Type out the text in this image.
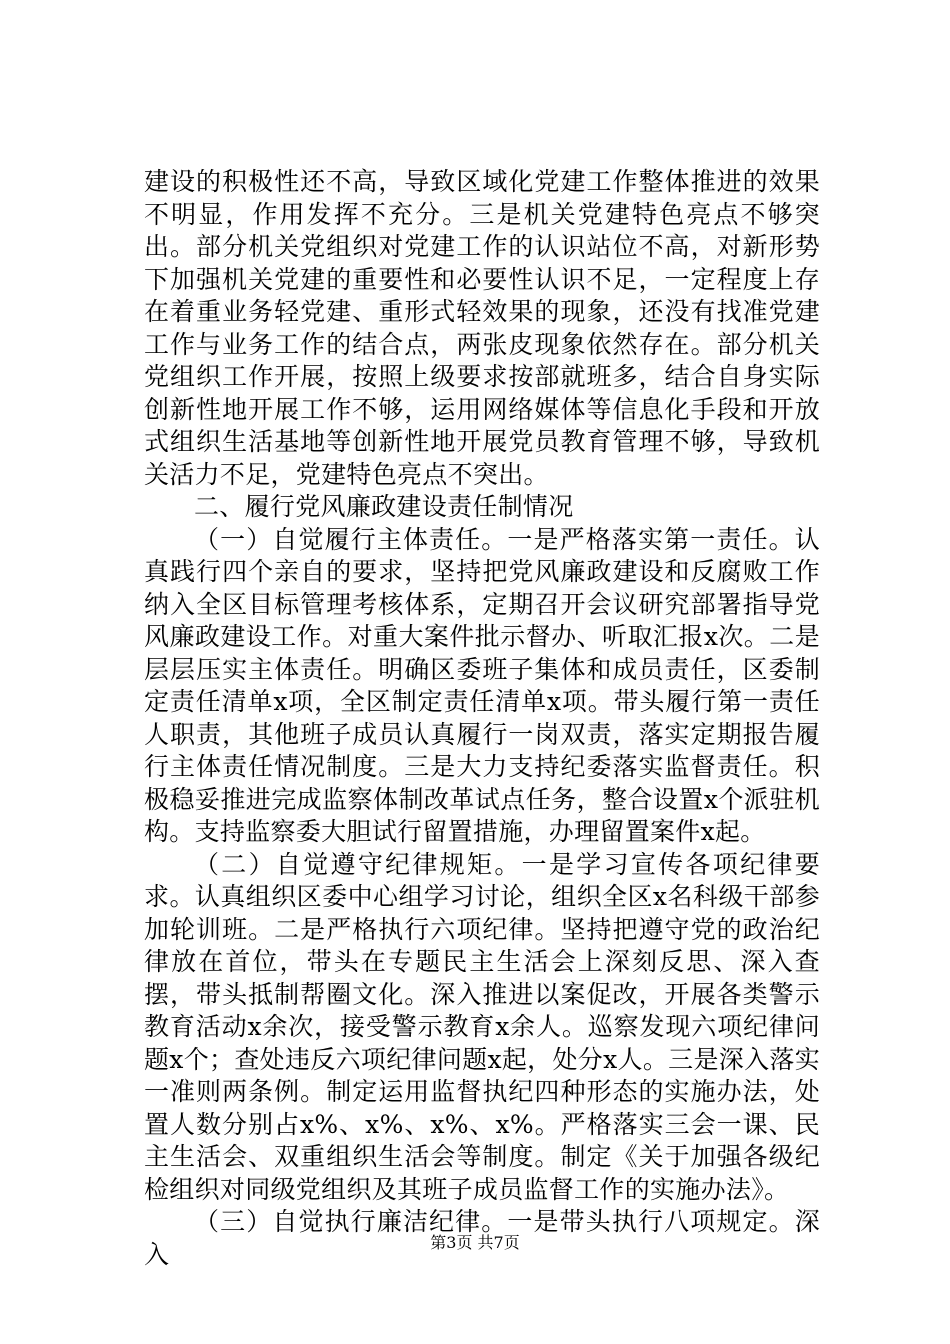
建设的积极性还不高，导致区域化党建工作整体推进的效果不明显，作用发挥不充分。三是机关党建特色亮点不够突出。部分机关党组织对党建工作的认识站位不高，对新形势下加强机关党建的重要性和必要性认识不足，一定程度上存在着重业务轻党建、重形式轻效果的现象，还没有找准党建工作与业务工作的结合点，两张皮现象依然存在。部分机关党组织工作开展，按照上级要求按部就班多，结合自身实际创新性地开展工作不够，运用网络媒体等信息化手段和开放式组织生活基地等创新性地开展党员教育管理不够，导致机关活力不足，党建特色亮点不突出。

二、履行党风廉政建设责任制情况

（一）自觉履行主体责任。一是严格落实第一责任。认真践行四个亲自的要求，坚持把党风廉政建设和反腐败工作纳入全区目标管理考核体系，定期召开会议研究部署指导党风廉政建设工作。对重大案件批示督办、听取汇报x次。二是层层压实主体责任。明确区委班子集体和成员责任，区委制定责任清单x项，全区制定责任清单x项。带头履行第一责任人职责，其他班子成员认真履行一岗双责，落实定期报告履行主体责任情况制度。三是大力支持纪委落实监督责任。积极稳妥推进完成监察体制改革试点任务，整合设置x个派驻机构。支持监察委大胆试行留置措施，办理留置案件x起。

（二）自觉遵守纪律规矩。一是学习宣传各项纪律要求。认真组织区委中心组学习讨论，组织全区x名科级干部参加轮训班。二是严格执行六项纪律。坚持把遵守党的政治纪律放在首位，带头在专题民主生活会上深刻反思、深入查摆，带头抵制帮圈文化。深入推进以案促改，开展各类警示教育活动x余次，接受警示教育x余人。巡察发现六项纪律问题x个；查处违反六项纪律问题x起，处分x人。三是深入落实一准则两条例。制定运用监督执纪四种形态的实施办法，处置人数分别占x%、x%、x%、x%。严格落实三会一课、民主生活会、双重组织生活会等制度。制定《关于加强各级纪检组织对同级党组织及其班子成员监督工作的实施办法》。

（三）自觉执行廉洁纪律。一是带头执行八项规定。深入	第3页 共7页
